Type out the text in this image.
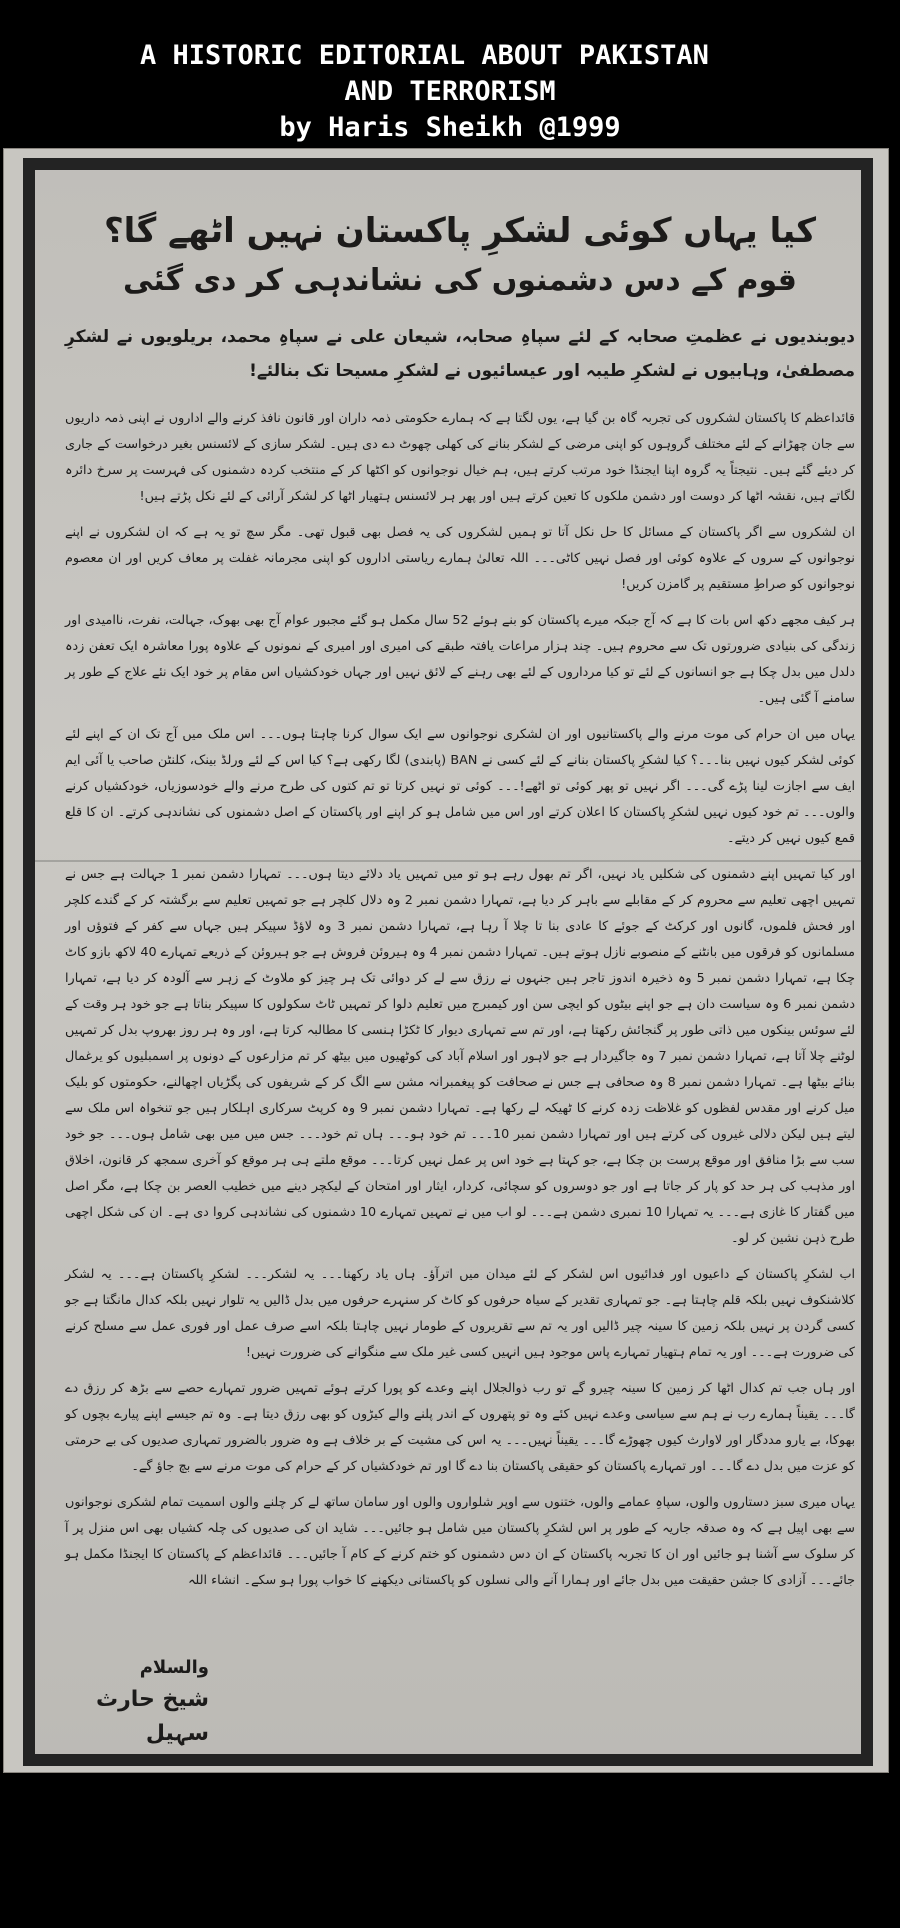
A HISTORIC EDITORIAL ABOUT PAKISTAN
AND TERRORISM
by Haris Sheikh @1999
کیا یہاں کوئی لشکرِ پاکستان نہیں اٹھے گا؟
قوم کے دس دشمنوں کی نشاندہی کر دی گئی
دیوبندیوں نے عظمتِ صحابہ کے لئے سپاہِ صحابہ، شیعان علی نے سپاہِ محمد، بریلویوں نے لشکرِ مصطفیٰ، وہابیوں نے لشکرِ طیبہ اور عیسائیوں نے لشکرِ مسیحا تک بنالئے!
قائداعظم کا پاکستان لشکروں کی تجربہ گاہ بن گیا ہے، یوں لگتا ہے کہ ہمارے حکومتی ذمہ داران اور قانون نافذ کرنے والے اداروں نے اپنی ذمہ داریوں سے جان چھڑانے کے لئے مختلف گروہوں کو اپنی مرضی کے لشکر بنانے کی کھلی چھوٹ دے دی ہیں۔ لشکر سازی کے لائسنس بغیر درخواست کے جاری کر دیئے گئے ہیں۔ نتیجتاً یہ گروہ اپنا ایجنڈا خود مرتب کرتے ہیں، ہم خیال نوجوانوں کو اکٹھا کر کے منتخب کردہ دشمنوں کی فہرست پر سرخ دائرہ لگاتے ہیں، نقشہ اٹھا کر دوست اور دشمن ملکوں کا تعین کرتے ہیں اور پھر ہر لائسنس ہتھیار اٹھا کر لشکر آرائی کے لئے نکل پڑتے ہیں!
ان لشکروں سے اگر پاکستان کے مسائل کا حل نکل آتا تو ہمیں لشکروں کی یہ فصل بھی قبول تھی۔ مگر سچ تو یہ ہے کہ ان لشکروں نے اپنے نوجوانوں کے سروں کے علاوہ کوئی اور فصل نہیں کاٹی۔۔۔ اللہ تعالیٰ ہمارے ریاستی اداروں کو اپنی مجرمانہ غفلت پر معاف کریں اور ان معصوم نوجوانوں کو صراطِ مستقیم پر گامزن کریں!
ہر کیف مجھے دکھ اس بات کا ہے کہ آج جبکہ میرے پاکستان کو بنے ہوئے 52 سال مکمل ہو گئے مجبور عوام آج بھی بھوک، جہالت، نفرت، ناامیدی اور زندگی کی بنیادی ضرورتوں تک سے محروم ہیں۔ چند ہزار مراعات یافتہ طبقے کی امیری اور امیری کے نمونوں کے علاوہ پورا معاشرہ ایک تعفن زدہ دلدل میں بدل چکا ہے جو انسانوں کے لئے تو کیا مرداروں کے لئے بھی رہنے کے لائق نہیں اور جہاں خودکشیاں اس مقام پر خود ایک نئے علاج کے طور پر سامنے آ گئی ہیں۔
یہاں میں ان حرام کی موت مرنے والے پاکستانیوں اور ان لشکری نوجوانوں سے ایک سوال کرنا چاہتا ہوں۔۔۔ اس ملک میں آج تک ان کے اپنے لئے کوئی لشکر کیوں نہیں بنا۔۔۔؟ کیا لشکرِ پاکستان بنانے کے لئے کسی نے BAN (پابندی) لگا رکھی ہے؟ کیا اس کے لئے ورلڈ بینک، کلنٹن صاحب یا آئی ایم ایف سے اجازت لینا پڑے گی۔۔۔ اگر نہیں تو پھر کوئی تو اٹھے!۔۔۔ کوئی تو نہیں کرتا تو تم کتوں کی طرح مرنے والے خودسوزیاں، خودکشیاں کرنے والوں۔۔۔ تم خود کیوں نہیں لشکرِ پاکستان کا اعلان کرتے اور اس میں شامل ہو کر اپنے اور پاکستان کے اصل دشمنوں کی نشاندہی کرتے۔ ان کا قلع قمع کیوں نہیں کر دیتے۔
اور کیا تمہیں اپنے دشمنوں کی شکلیں یاد نہیں، اگر تم بھول رہے ہو تو میں تمہیں یاد دلائے دیتا ہوں۔۔۔ تمہارا دشمن نمبر 1 جہالت ہے جس نے تمہیں اچھی تعلیم سے محروم کر کے مقابلے سے باہر کر دیا ہے، تمہارا دشمن نمبر 2 وہ دلال کلچر ہے جو تمہیں تعلیم سے برگشتہ کر کے گندے کلچر اور فحش فلموں، گانوں اور کرکٹ کے جوئے کا عادی بنا تا چلا آ رہا ہے، تمہارا دشمن نمبر 3 وہ لاؤڈ سپیکر ہیں جہاں سے کفر کے فتوؤں اور مسلمانوں کو فرقوں میں بانٹنے کے منصوبے نازل ہوتے ہیں۔ تمہارا دشمن نمبر 4 وہ ہیروئن فروش ہے جو ہیروئن کے ذریعے تمہارے 40 لاکھ بازو کاٹ چکا ہے، تمہارا دشمن نمبر 5 وہ ذخیرہ اندوز تاجر ہیں جنہوں نے رزق سے لے کر دوائی تک ہر چیز کو ملاوٹ کے زہر سے آلودہ کر دیا ہے، تمہارا دشمن نمبر 6 وہ سیاست دان ہے جو اپنے بیٹوں کو ایچی سن اور کیمبرج میں تعلیم دلوا کر تمہیں ٹاٹ سکولوں کا سپیکر بناتا ہے جو خود ہر وقت کے لئے سوئس بینکوں میں ذاتی طور پر گنجائش رکھتا ہے، اور تم سے تمہاری دیوار کا ٹکڑا ہنسی کا مطالبہ کرتا ہے، اور وہ ہر روز بھروپ بدل کر تمہیں لوٹنے چلا آتا ہے، تمہارا دشمن نمبر 7 وہ جاگیردار ہے جو لاہور اور اسلام آباد کی کوٹھیوں میں بیٹھ کر تم مزارعوں کے دونوں پر اسمبلیوں کو یرغمال بنائے بیٹھا ہے۔ تمہارا دشمن نمبر 8 وہ صحافی ہے جس نے صحافت کو پیغمبرانہ مشن سے الگ کر کے شریفوں کی پگڑیاں اچھالنے، حکومتوں کو بلیک میل کرنے اور مقدس لفظوں کو غلاظت زدہ کرنے کا ٹھیکہ لے رکھا ہے۔ تمہارا دشمن نمبر 9 وہ کرپٹ سرکاری اہلکار ہیں جو تنخواہ اس ملک سے لیتے ہیں لیکن دلالی غیروں کی کرتے ہیں اور تمہارا دشمن نمبر 10۔۔۔ تم خود ہو۔۔۔ ہاں تم خود۔۔۔ جس میں میں بھی شامل ہوں۔۔۔ جو خود سب سے بڑا منافق اور موقع پرست بن چکا ہے، جو کہتا ہے خود اس پر عمل نہیں کرتا۔۔۔ موقع ملتے ہی ہر موقع کو آخری سمجھ کر قانون، اخلاق اور مذہب کی ہر حد کو پار کر جاتا ہے اور جو دوسروں کو سچائی، کردار، ایثار اور امتحان کے لیکچر دینے میں خطیب العصر بن چکا ہے، مگر اصل میں گفتار کا غازی ہے۔۔۔ یہ تمہارا 10 نمبری دشمن ہے۔۔۔ لو اب میں نے تمہیں تمہارے 10 دشمنوں کی نشاندہی کروا دی ہے۔ ان کی شکل اچھی طرح ذہن نشین کر لو۔
اب لشکرِ پاکستان کے داعیوں اور فدائیوں اس لشکر کے لئے میدان میں اترآؤ۔ ہاں یاد رکھنا۔۔۔ یہ لشکر۔۔۔ لشکرِ پاکستان ہے۔۔۔ یہ لشکر کلاشنکوف نہیں بلکہ قلم چاہتا ہے۔ جو تمہاری تقدیر کے سیاہ حرفوں کو کاٹ کر سنہرے حرفوں میں بدل ڈالیں یہ تلوار نہیں بلکہ کدال مانگتا ہے جو کسی گردن پر نہیں بلکہ زمین کا سینہ چیر ڈالیں اور یہ تم سے تقریروں کے طومار نہیں چاہتا بلکہ اسے صرف عمل اور فوری عمل سے مسلح کرنے کی ضرورت ہے۔۔۔ اور یہ تمام ہتھیار تمہارے پاس موجود ہیں انہیں کسی غیر ملک سے منگوانے کی ضرورت نہیں!
اور ہاں جب تم کدال اٹھا کر زمین کا سینہ چیرو گے تو رب ذوالجلال اپنے وعدے کو پورا کرتے ہوئے تمہیں ضرور تمہارے حصے سے بڑھ کر رزق دے گا۔۔۔ یقیناً ہمارے رب نے ہم سے سیاسی وعدے نہیں کئے وہ تو پتھروں کے اندر پلنے والے کیڑوں کو بھی رزق دیتا ہے۔ وہ تم جیسے اپنے پیارے بچوں کو بھوکا، بے یارو مددگار اور لاوارث کیوں چھوڑے گا۔۔۔ یقیناً نہیں۔۔۔ یہ اس کی مشیت کے بر خلاف ہے وہ ضرور بالضرور تمہاری صدیوں کی بے حرمتی کو عزت میں بدل دے گا۔۔۔ اور تمہارے پاکستان کو حقیقی پاکستان بنا دے گا اور تم خودکشیاں کر کے حرام کی موت مرنے سے بچ جاؤ گے۔
یہاں میری سبز دستاروں والوں، سپاہِ عمامے والوں، ختنوں سے اوپر شلواروں والوں اور سامان ساتھ لے کر چلنے والوں اسمیت تمام لشکری نوجوانوں سے بھی اپیل ہے کہ وہ صدقہ جاریہ کے طور پر اس لشکرِ پاکستان میں شامل ہو جائیں۔۔۔ شاید ان کی صدیوں کی چلہ کشیاں بھی اس منزل پر آ کر سلوک سے آشنا ہو جائیں اور ان کا تجربہ پاکستان کے ان دس دشمنوں کو ختم کرنے کے کام آ جائیں۔۔۔ قائداعظم کے پاکستان کا ایجنڈا مکمل ہو جائے۔۔۔ آزادی کا جشن حقیقت میں بدل جائے اور ہمارا آنے والی نسلوں کو پاکستانی دیکھنے کا خواب پورا ہو سکے۔ انشاء اللہ
والسلام
شیخ حارث سہیل
